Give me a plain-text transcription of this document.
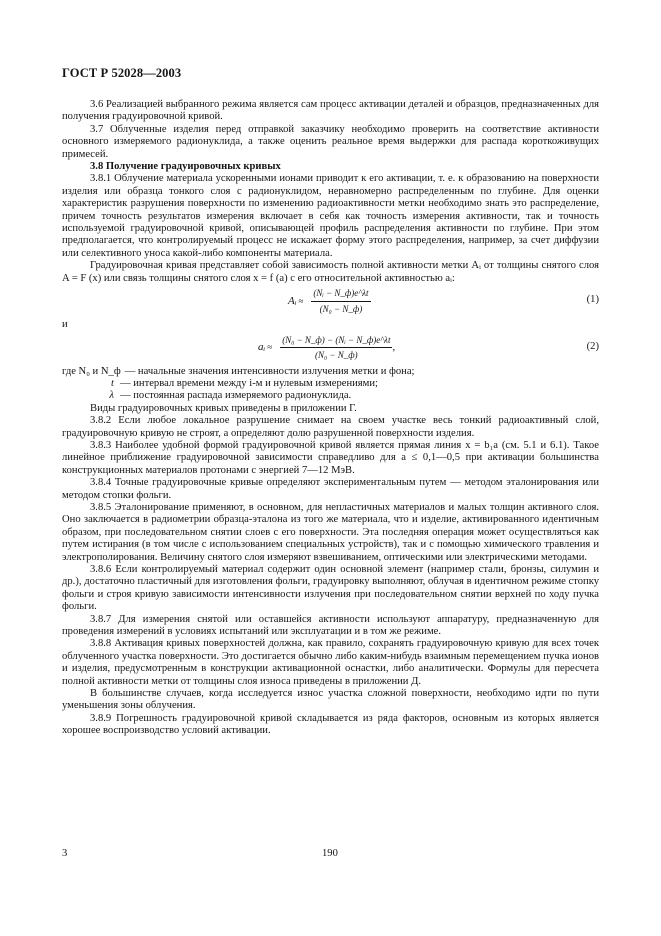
ГОСТ Р 52028—2003

3.6 Реализацией выбранного режима является сам процесс активации деталей и образцов, предназначенных для получения градуировочной кривой.

3.7 Облученные изделия перед отправкой заказчику необходимо проверить на соответствие активности основного измеряемого радионуклида, а также оценить реальное время выдержки для распада короткоживущих примесей.

3.8 Получение градуировочных кривых

3.8.1 Облучение материала ускоренными ионами приводит к его активации, т. е. к образованию на поверхности изделия или образца тонкого слоя с радионуклидом, неравномерно распределенным по глубине. Для оценки характеристик разрушения поверхности по изменению радиоактивности метки необходимо знать это распределение, причем точность результатов измерения включает в себя как точность измерения активности, так и точность используемой градуировочной кривой, описывающей профиль распределения активности по глубине. При этом предполагается, что контролируемый процесс не искажает форму этого распределения, например, за счет диффузии или селективного уноса какой-либо компоненты материала.

Градуировочная кривая представляет собой зависимость полной активности метки Aᵢ от толщины снятого слоя A = F (x) или связь толщины снятого слоя x = f (a) с его относительной активностью aᵢ:

Aᵢ ≈ $\frac{\text{(Nᵢ − N\_ф)e\textasciicircum{}λt}}{\text{(N₀ − N\_ф)}}$	(1)

и

aᵢ ≈ $\frac{\text{(N₀ − N\_ф) − (Nᵢ − N\_ф)e\textasciicircum{}λt}}{\text{(N₀ − N\_ф)}}$ ,	(2)
где N₀ и N_ф — начальные значения интенсивности излучения метки и фона;
t — интервал времени между i-м и нулевым измерениями;
λ — постоянная распада измеряемого радионуклида.

Виды градуировочных кривых приведены в приложении Г.

3.8.2 Если любое локальное разрушение снимает на своем участке весь тонкий радиоактивный слой, градуировочную кривую не строят, а определяют долю разрушенной поверхности изделия.

3.8.3 Наиболее удобной формой градуировочной кривой является прямая линия x = b₁a (см. 5.1 и 6.1). Такое линейное приближение градуировочной зависимости справедливо для a ≤ 0,1—0,5 при активации большинства конструкционных материалов протонами с энергией 7—12 МэВ.

3.8.4 Точные градуировочные кривые определяют экспериментальным путем — методом эталонирования или методом стопки фольги.

3.8.5 Эталонирование применяют, в основном, для непластичных материалов и малых толщин активного слоя. Оно заключается в радиометрии образца-эталона из того же материала, что и изделие, активированного идентичным образом, при последовательном снятии слоев с его поверхности. Эта последняя операция может осуществляться как путем истирания (в том числе с использованием специальных устройств), так и с помощью химического травления и электрополирования. Величину снятого слоя измеряют взвешиванием, оптическими или электрическими методами.

3.8.6 Если контролируемый материал содержит один основной элемент (например стали, бронзы, силумин и др.), достаточно пластичный для изготовления фольги, градуировку выполняют, облучая в идентичном режиме стопку фольги и строя кривую зависимости интенсивности излучения при последовательном снятии верхней по ходу пучка фольги.

3.8.7 Для измерения снятой или оставшейся активности используют аппаратуру, предназначенную для проведения измерений в условиях испытаний или эксплуатации и в том же режиме.

3.8.8 Активация кривых поверхностей должна, как правило, сохранять градуировочную кривую для всех точек облученного участка поверхности. Это достигается обычно либо каким-нибудь взаимным перемещением пучка ионов и изделия, предусмотренным в конструкции активационной оснастки, либо аналитически. Формулы для пересчета полной активности метки от толщины слоя износа приведены в приложении Д.

В большинстве случаев, когда исследуется износ участка сложной поверхности, необходимо идти по пути уменьшения зоны облучения.

3.8.9 Погрешность градуировочной кривой складывается из ряда факторов, основным из которых является хорошее воспроизводство условий активации.

3	190
